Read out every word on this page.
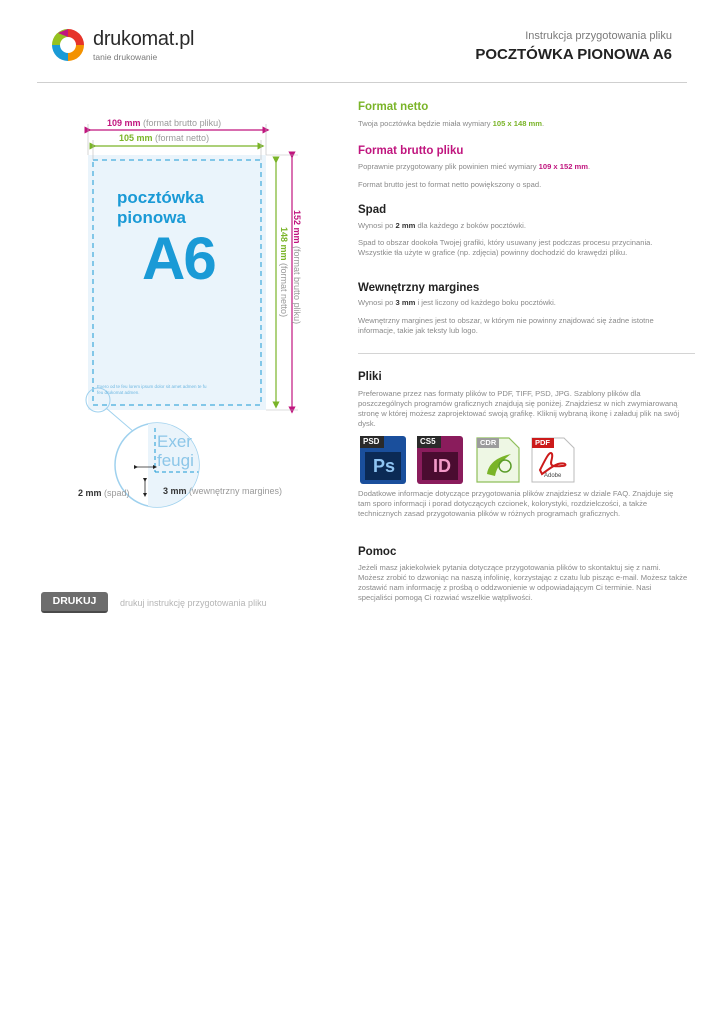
drukomat.pl
tanie drukowanie
Instrukcja przygotowania pliku
POCZTÓWKA PIONOWA A6
109 mm (format brutto pliku)
105 mm (format netto)
152 mm (format brutto pliku)
148 mm (format netto)
pocztówka
pionowa
A6
Exero od te feu lorem ipsum dolor sit amet admen te fu
feu drukomat admen.
Exer
feugi
2 mm (spad)	3 mm (wewnętrzny margines)
Format netto
Twoja pocztówka będzie miała wymiary 105 x 148 mm.
Format brutto pliku
Poprawnie przygotowany plik powinien mieć wymiary 109 x 152 mm.
Format brutto jest to format netto powiększony o spad.
Spad
Wynosi po 2 mm dla każdego z boków pocztówki.
Spad to obszar dookoła Twojej grafiki, który usuwany jest podczas procesu przycinania. Wszystkie tła użyte w grafice (np. zdjęcia) powinny dochodzić do krawędzi pliku.
Wewnętrzny margines
Wynosi po 3 mm i jest liczony od każdego boku pocztówki.
Wewnętrzny margines jest to obszar, w którym nie powinny znajdować się żadne istotne informacje, takie jak teksty lub logo.
Pliki
Preferowane przez nas formaty plików to PDF, TIFF, PSD, JPG. Szablony plików dla poszczególnych programów graficznych znajdują się poniżej. Znajdziesz w nich zwymiarowaną stronę w której możesz zaprojektować swoją grafikę. Kliknij wybraną ikonę i załaduj plik na swój dysk.
PSD
Ps
CS5
ID
CDR	PDF
Adobe
Dodatkowe informacje dotyczące przygotowania plików znajdziesz w dziale FAQ. Znajduje się tam sporo informacji i porad dotyczących czcionek, kolorystyki, rozdzielczości, a także technicznych zasad przygotowania plików w różnych programach graficznych.
Pomoc
Jeżeli masz jakiekolwiek pytania dotyczące przygotowania plików to skontaktuj się z nami. Możesz zrobić to dzwoniąc na naszą infolinię, korzystając z czatu lub pisząc e-mail. Możesz także zostawić nam informację z prośbą o oddzwonienie w odpowiadającym Ci terminie. Nasi specjaliści pomogą Ci rozwiać wszelkie wątpliwości.
DRUKUJ	drukuj instrukcję przygotowania pliku
